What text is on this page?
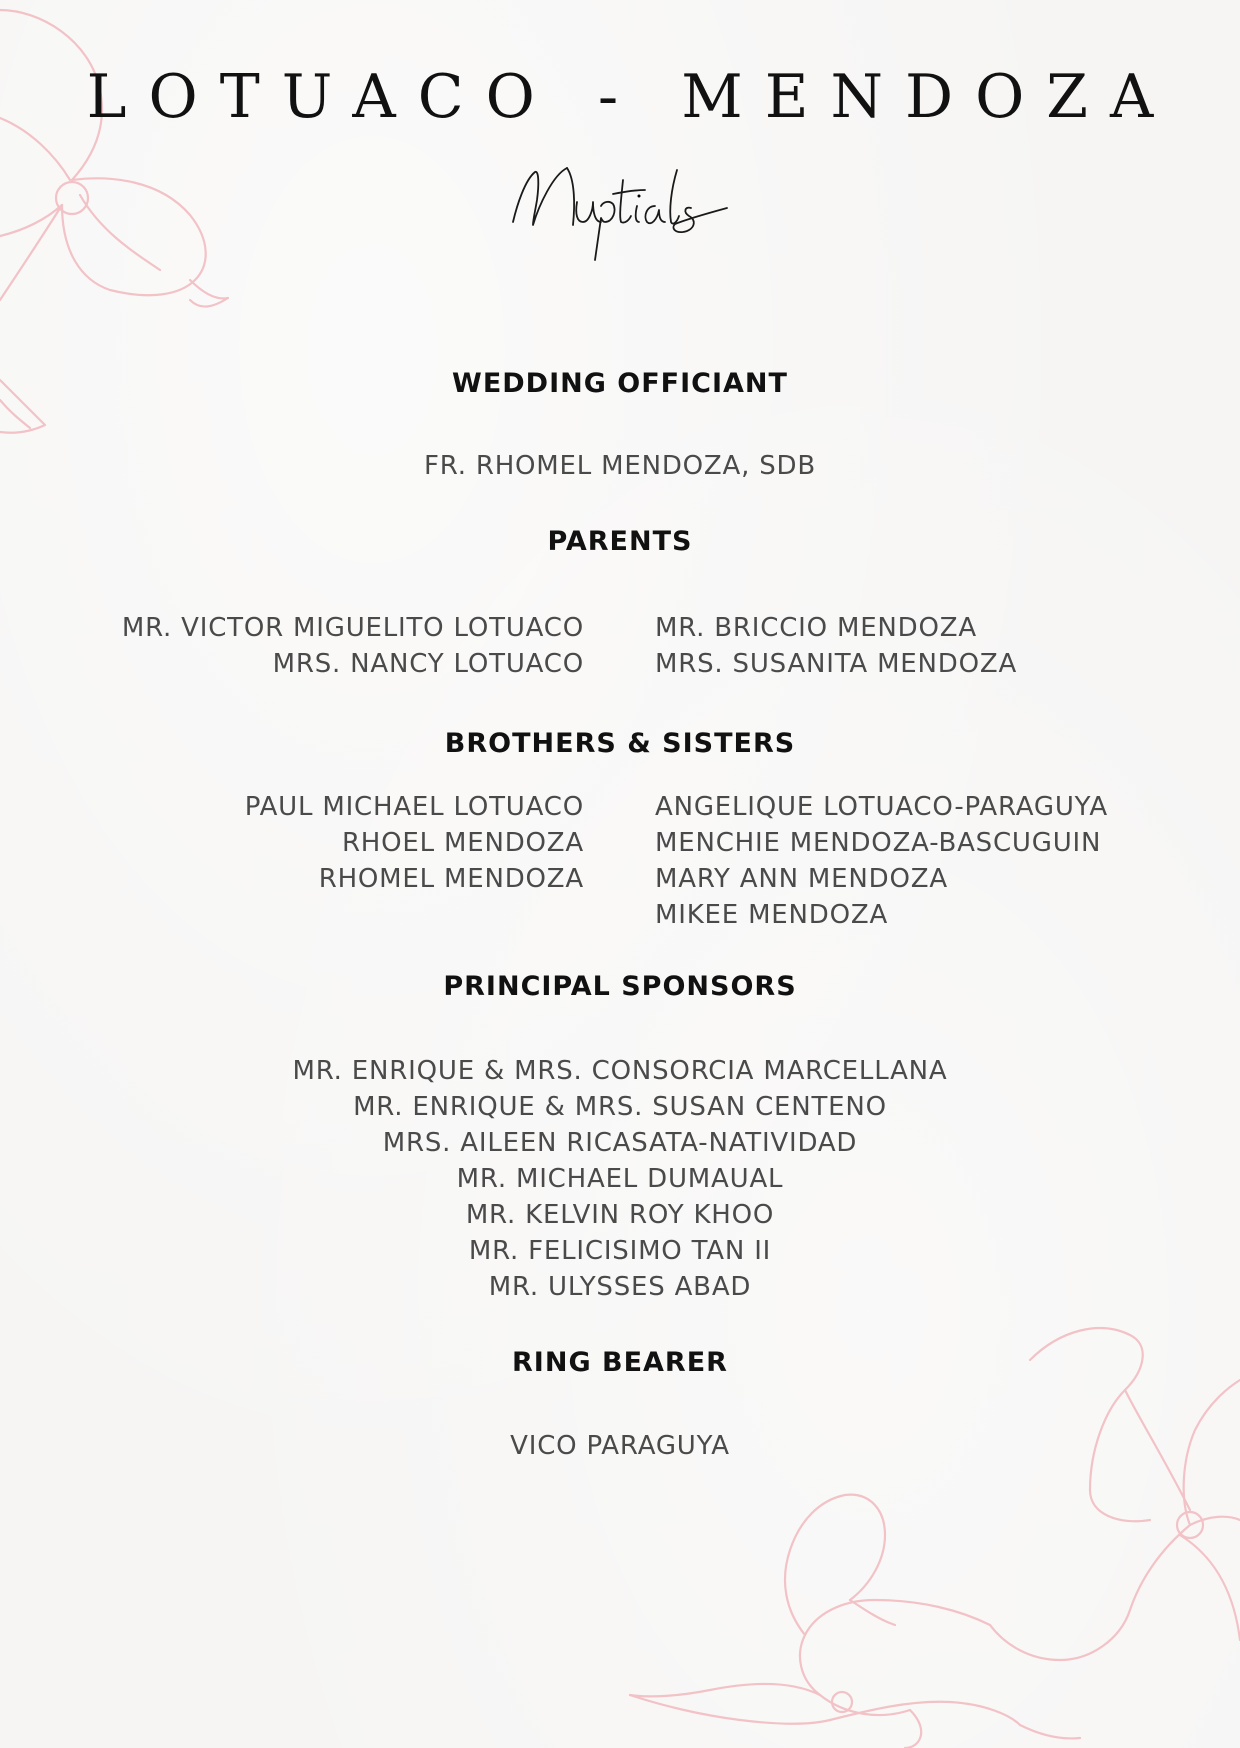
LOTUACO - MENDOZA
WEDDING OFFICIANT
FR. RHOMEL MENDOZA, SDB
PARENTS
MR. VICTOR MIGUELITO LOTUACO
MRS. NANCY LOTUACO
MR. BRICCIO MENDOZA
MRS. SUSANITA MENDOZA
BROTHERS & SISTERS
PAUL MICHAEL LOTUACO
RHOEL MENDOZA
RHOMEL MENDOZA
ANGELIQUE LOTUACO-PARAGUYA
MENCHIE MENDOZA-BASCUGUIN
MARY ANN MENDOZA
MIKEE MENDOZA
PRINCIPAL SPONSORS
MR. ENRIQUE & MRS. CONSORCIA MARCELLANA
MR. ENRIQUE & MRS. SUSAN CENTENO
MRS. AILEEN RICASATA-NATIVIDAD
MR. MICHAEL DUMAUAL
MR. KELVIN ROY KHOO
MR. FELICISIMO TAN II
MR. ULYSSES ABAD
RING BEARER
VICO PARAGUYA
